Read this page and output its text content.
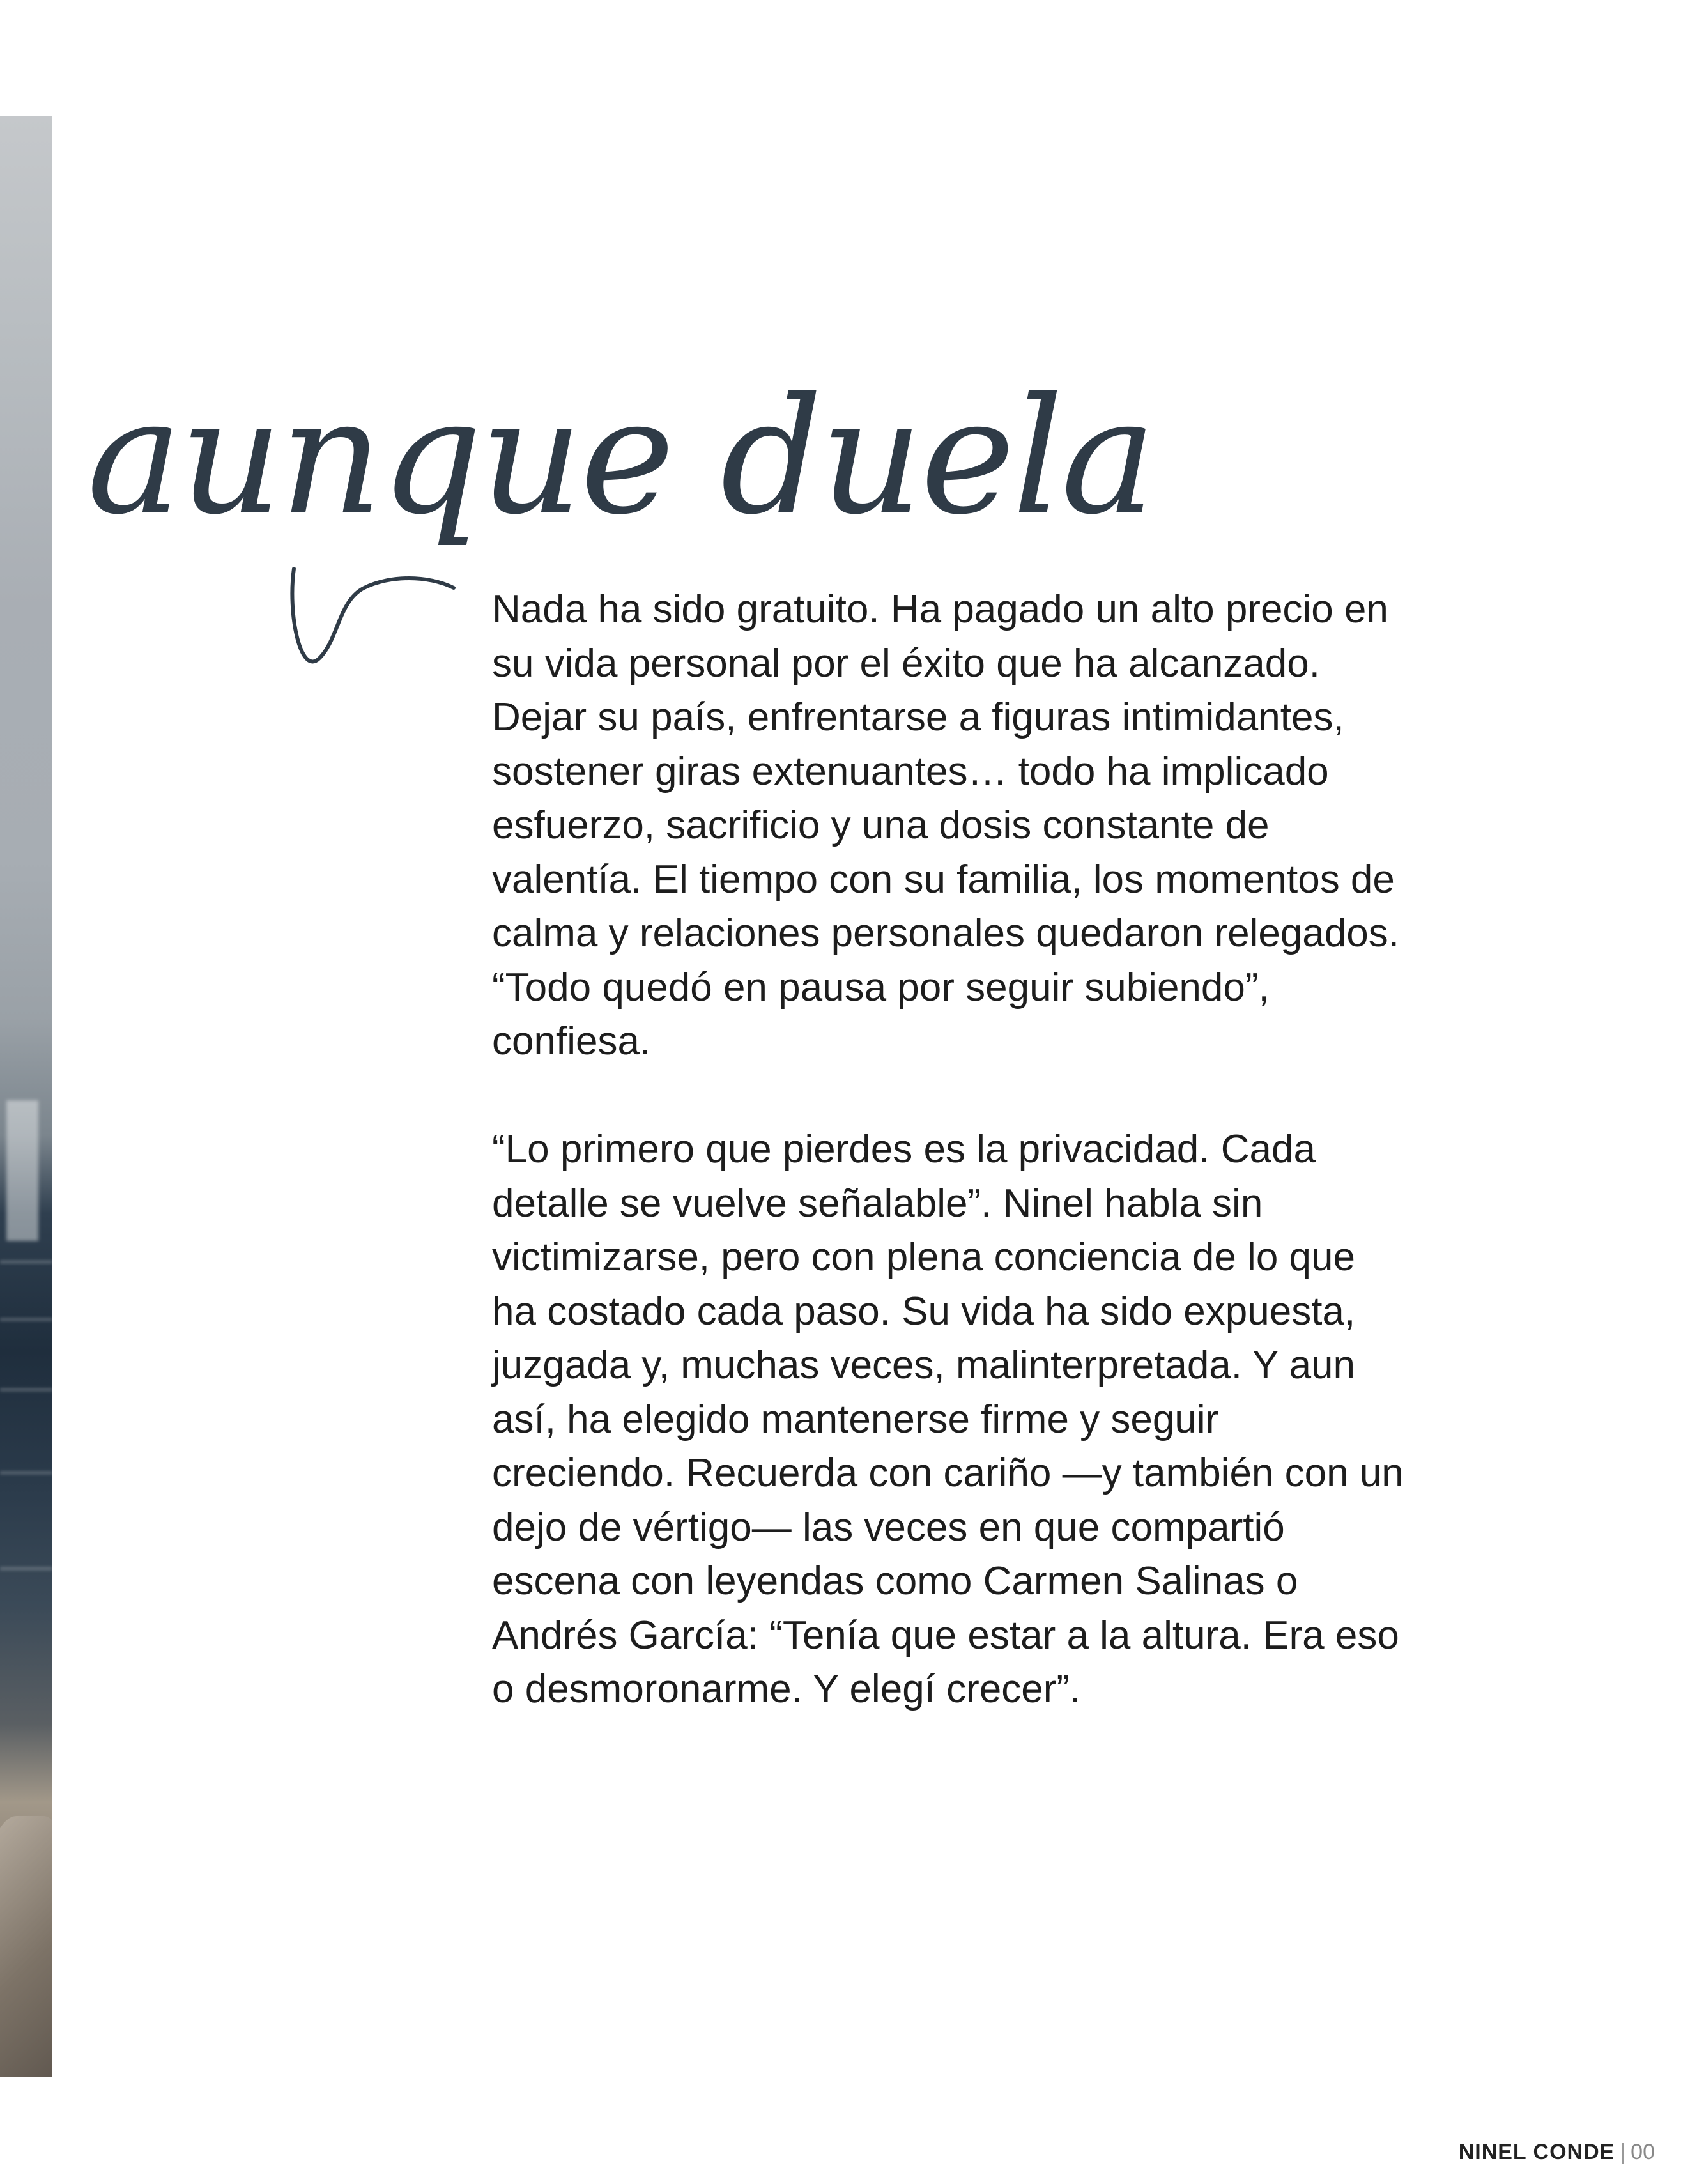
aunque duela

Nada ha sido gratuito. Ha pagado un alto precio en su vida personal por el éxito que ha alcanzado. Dejar su país, enfrentarse a figuras intimidantes, sostener giras extenuantes… todo ha implicado esfuerzo, sacrificio y una dosis constante de valentía. El tiempo con su familia, los momentos de calma y relaciones personales quedaron relegados. “Todo quedó en pausa por seguir subiendo”, confiesa.

“Lo primero que pierdes es la privacidad. Cada detalle se vuelve señalable”. Ninel habla sin victimizarse, pero con plena conciencia de lo que ha costado cada paso. Su vida ha sido expuesta, juzgada y, muchas veces, malinterpretada. Y aun así, ha elegido mantenerse firme y seguir creciendo. Recuerda con cariño —y también con un dejo de vértigo— las veces en que compartió escena con leyendas como Carmen Salinas o Andrés García: “Tenía que estar a la altura. Era eso o desmoronarme. Y elegí crecer”.

NINEL CONDE | 00
